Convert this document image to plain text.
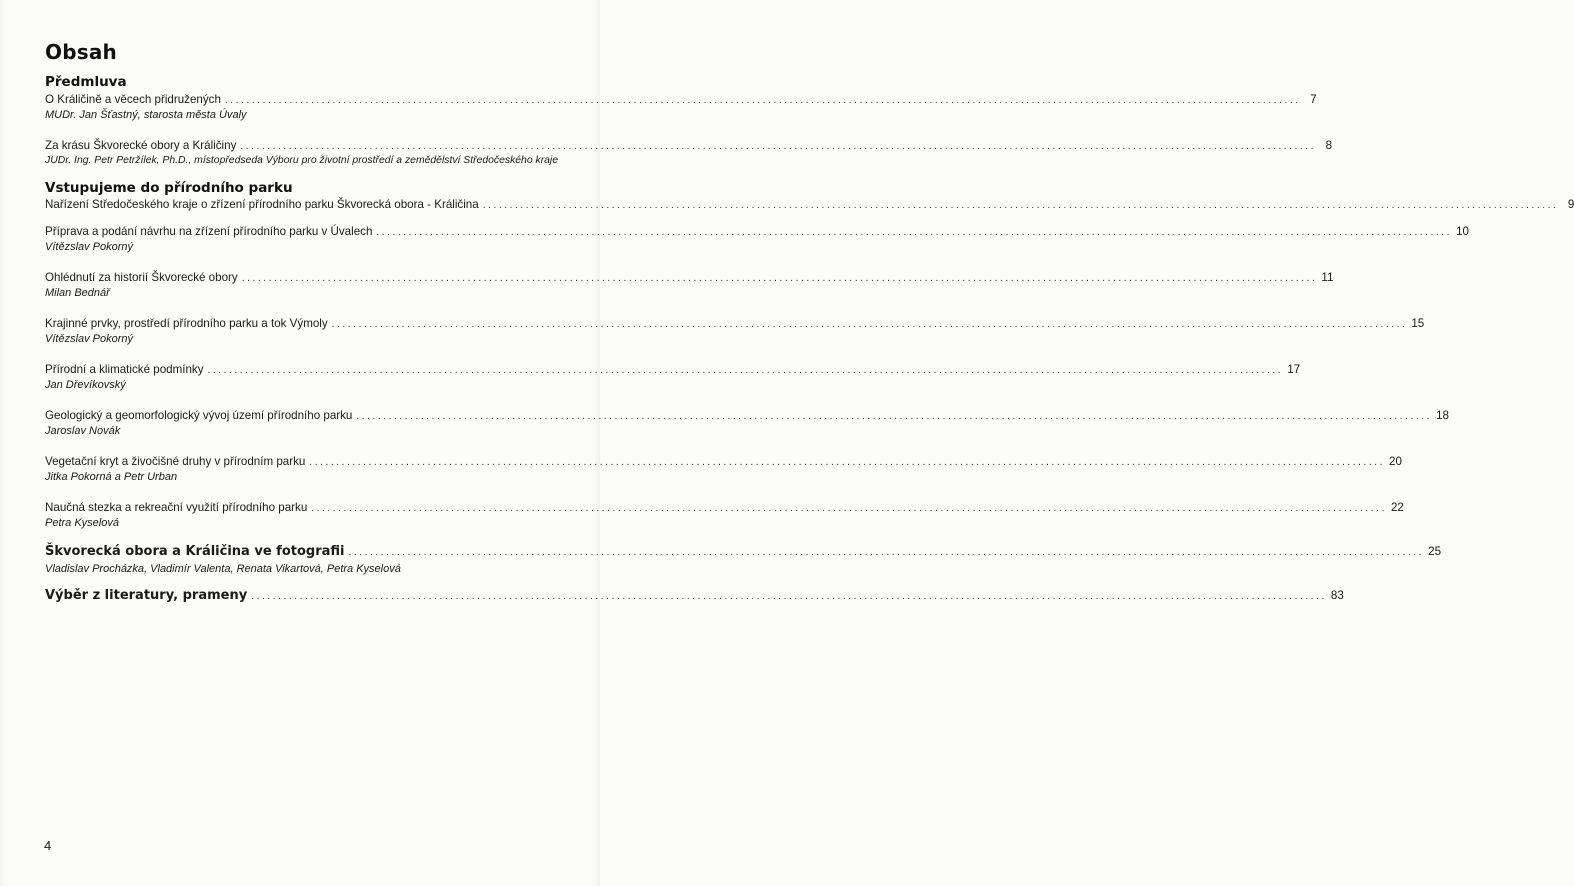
Obsah
Předmluva
O Králičině a věcech přidružených ........................................................................................................................................................................................................ 7
MUDr. Jan Šťastný, starosta města Úvaly
Za krásu Škvorecké obory a Králičiny ........................................................................................................................................................................................................ 8
JUDr. Ing. Petr Petržílek, Ph.D., místopředseda Výboru pro životní prostředí a zemědělství Středočeského kraje
Vstupujeme do přírodního parku
Nařízení Středočeského kraje o zřízení přírodního parku Škvorecká obora - Králičina ........................................................................................................................................................................................................ 9
Příprava a podání návrhu na zřízení přírodního parku v Úvalech ........................................................................................................................................................................................................ 10
Vítězslav Pokorný
Ohlédnutí za historií Škvorecké obory ........................................................................................................................................................................................................ 11
Milan Bednář
Krajinné prvky, prostředí přírodního parku a tok Výmoly ........................................................................................................................................................................................................ 15
Vítězslav Pokorný
Přírodní a klimatické podmínky ........................................................................................................................................................................................................ 17
Jan Dřevíkovský
Geologický a geomorfologický vývoj území přírodního parku ........................................................................................................................................................................................................ 18
Jaroslav Novák
Vegetační kryt a živočišné druhy v přírodním parku ........................................................................................................................................................................................................ 20
Jitka Pokorná a Petr Urban
Naučná stezka a rekreační využití přírodního parku ........................................................................................................................................................................................................ 22
Petra Kyselová
Škvorecká obora a Králičina ve fotografii ........................................................................................................................................................................................................ 25
Vladislav Procházka, Vladimír Valenta, Renata Vikartová, Petra Kyselová
Výběr z literatury, prameny ........................................................................................................................................................................................................ 83
4
